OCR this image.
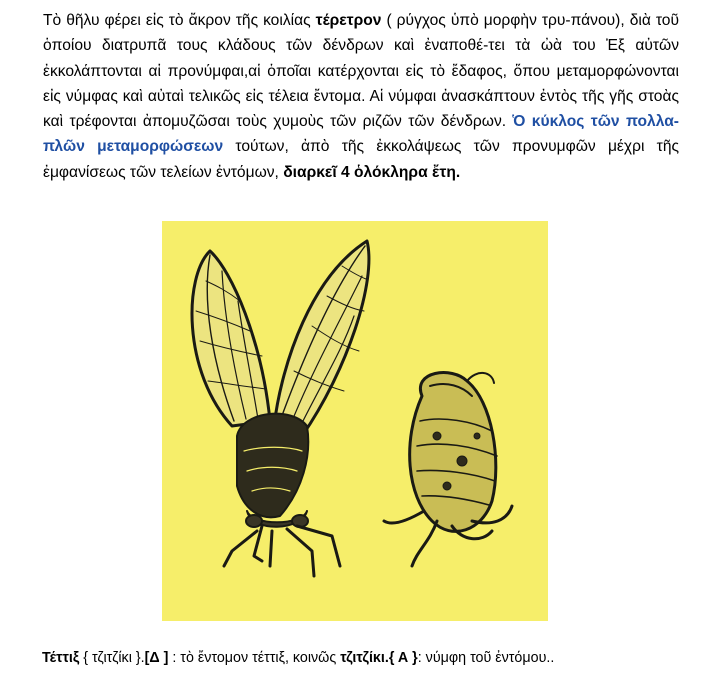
Τὸ θῆλυ φέρει εἰς τὸ ἄκρον τῆς κοιλίας τέρετρον ( ρύγχος ὑπὸ μορφὴν τρυ-πάνου), διὰ τοῦ ὁποίου διατρυπᾶ τους κλάδους τῶν δένδρων καὶ ἐναποθέ-τει τὰ ὠὰ του Ἐξ αὐτῶν ἐκκολάπτονται αἱ προνύμφαι,αἱ ὁποῖαι κατέρχονται εἰς τὸ ἔδαφος, ὅπου μεταμορφώνονται εἰς νύμφας καὶ αὐταὶ τελικῶς εἰς τέλεια ἔντομα. Αἱ νύμφαι ἀνασκάπτουν ἐντὸς τῆς γῆς στοὰς καὶ τρέφονται ἀπομυζῶσαι τοὺς χυμοὺς τῶν ριζῶν τῶν δένδρων. Ὁ κύκλος τῶν πολλα-πλῶν μεταμορφώσεων τούτων, ἀπὸ τῆς ἐκκολάψεως τῶν προνυμφῶν μέχρι τῆς ἐμφανίσεως τῶν τελείων ἐντόμων, διαρκεῖ 4 ὁλόκληρα ἔτη.

Τέττιξ { τζιτζίκι }.[Δ ] : τὸ ἔντομον τέττιξ, κοινῶς τζιτζίκι.{ Α }: νύμφη τοῦ ἐντόμου..
